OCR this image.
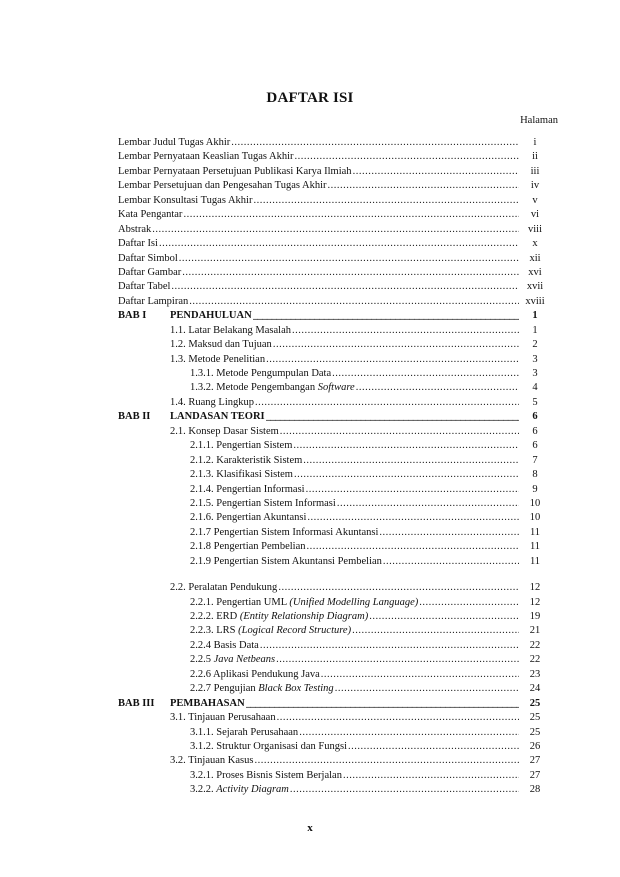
DAFTAR ISI
Halaman
Lembar Judul Tugas Akhir .....	i
Lembar Pernyataan Keaslian Tugas Akhir .....	ii
Lembar Pernyataan Persetujuan Publikasi Karya Ilmiah .....	iii
Lembar Persetujuan dan Pengesahan Tugas Akhir .....	iv
Lembar Konsultasi Tugas Akhir .....	v
Kata Pengantar .....	vi
Abstrak .....	viii
Daftar Isi .....	x
Daftar Simbol .....	xii
Daftar Gambar .....	xvi
Daftar Tabel .....	xvii
Daftar Lampiran .....	xviii
BAB I	PENDAHULUAN _____	1
1.1. Latar Belakang Masalah .....	1
1.2. Maksud dan Tujuan .....	2
1.3. Metode Penelitian .....	3
1.3.1. Metode Pengumpulan Data .....	3
1.3.2. Metode Pengembangan Software .....	4
1.4. Ruang Lingkup .....	5
BAB II	LANDASAN TEORI _____	6
2.1. Konsep Dasar Sistem .....	6
2.1.1. Pengertian Sistem .....	6
2.1.2. Karakteristik Sistem .....	7
2.1.3. Klasifikasi Sistem .....	8
2.1.4. Pengertian Informasi .....	9
2.1.5. Pengertian Sistem Informasi .....	10
2.1.6. Pengertian Akuntansi .....	10
2.1.7 Pengertian Sistem Informasi Akuntansi .....	11
2.1.8 Pengertian Pembelian .....	11
2.1.9 Pengertian Sistem Akuntansi Pembelian .....	11
2.2. Peralatan Pendukung .....	12
2.2.1. Pengertian UML (Unified Modelling Language) .....	12
2.2.2. ERD (Entity Relationship Diagram) .....	19
2.2.3. LRS (Logical Record Structure) .....	21
2.2.4 Basis Data .....	22
2.2.5 Java Netbeans .....	22
2.2.6 Aplikasi Pendukung Java .....	23
2.2.7 Pengujian Black Box Testing .....	24
BAB III	PEMBAHASAN _____	25
3.1. Tinjauan Perusahaan .....	25
3.1.1. Sejarah Perusahaan .....	25
3.1.2. Struktur Organisasi dan Fungsi .....	26
3.2. Tinjauan Kasus .....	27
3.2.1. Proses Bisnis Sistem Berjalan .....	27
3.2.2. Activity Diagram .....	28
x
